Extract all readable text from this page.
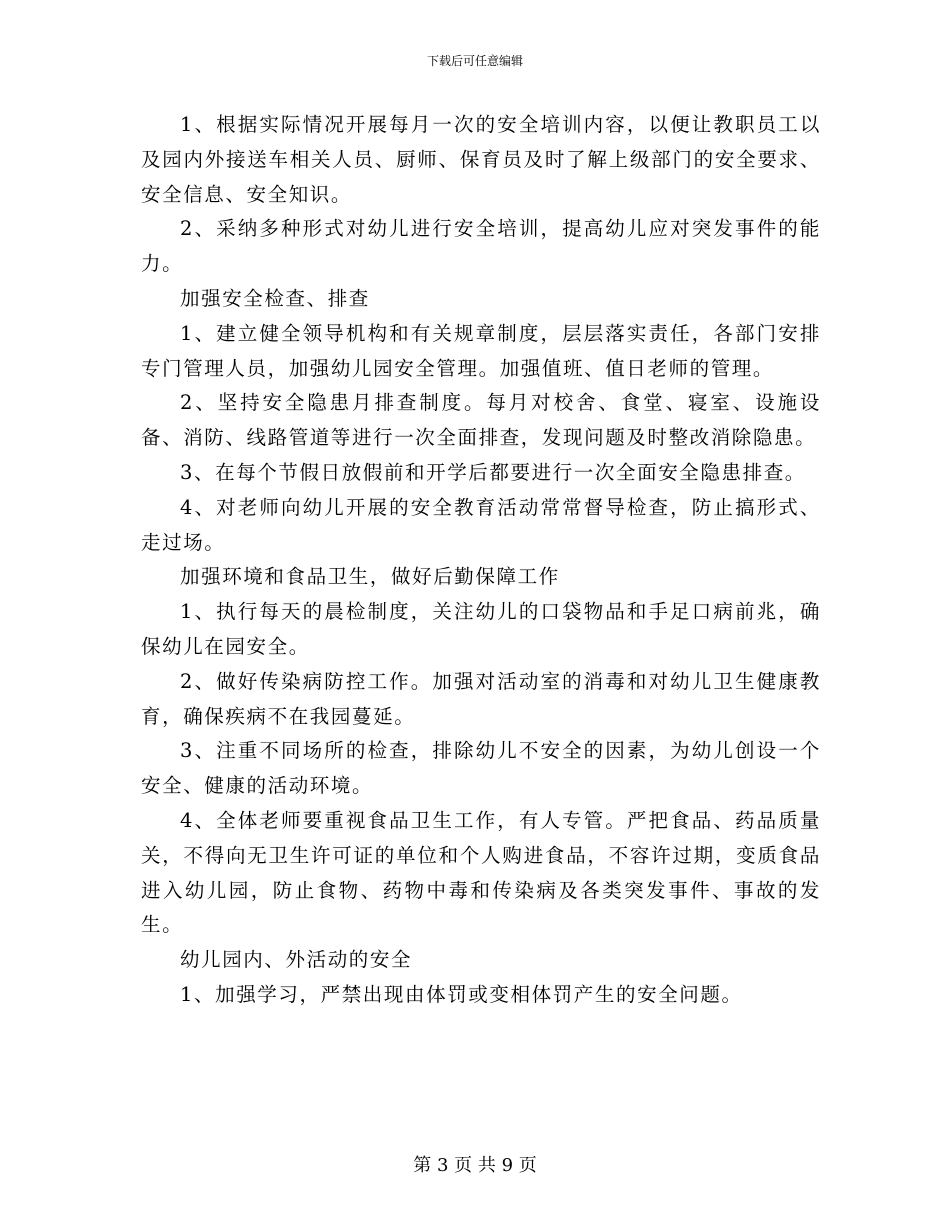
下载后可任意编辑

1、根据实际情况开展每月一次的安全培训内容，以便让教职员工以及园内外接送车相关人员、厨师、保育员及时了解上级部门的安全要求、安全信息、安全知识。

2、采纳多种形式对幼儿进行安全培训，提高幼儿应对突发事件的能力。

加强安全检查、排查

1、建立健全领导机构和有关规章制度，层层落实责任，各部门安排专门管理人员，加强幼儿园安全管理。加强值班、值日老师的管理。

2、坚持安全隐患月排查制度。每月对校舍、食堂、寝室、设施设备、消防、线路管道等进行一次全面排查，发现问题及时整改消除隐患。

3、在每个节假日放假前和开学后都要进行一次全面安全隐患排查。

4、对老师向幼儿开展的安全教育活动常常督导检查，防止搞形式、走过场。

加强环境和食品卫生，做好后勤保障工作

1、执行每天的晨检制度，关注幼儿的口袋物品和手足口病前兆，确保幼儿在园安全。

2、做好传染病防控工作。加强对活动室的消毒和对幼儿卫生健康教育，确保疾病不在我园蔓延。

3、注重不同场所的检查，排除幼儿不安全的因素，为幼儿创设一个安全、健康的活动环境。

4、全体老师要重视食品卫生工作，有人专管。严把食品、药品质量关，不得向无卫生许可证的单位和个人购进食品，不容许过期，变质食品进入幼儿园，防止食物、药物中毒和传染病及各类突发事件、事故的发生。

幼儿园内、外活动的安全

1、加强学习，严禁出现由体罚或变相体罚产生的安全问题。

第 3 页 共 9 页
